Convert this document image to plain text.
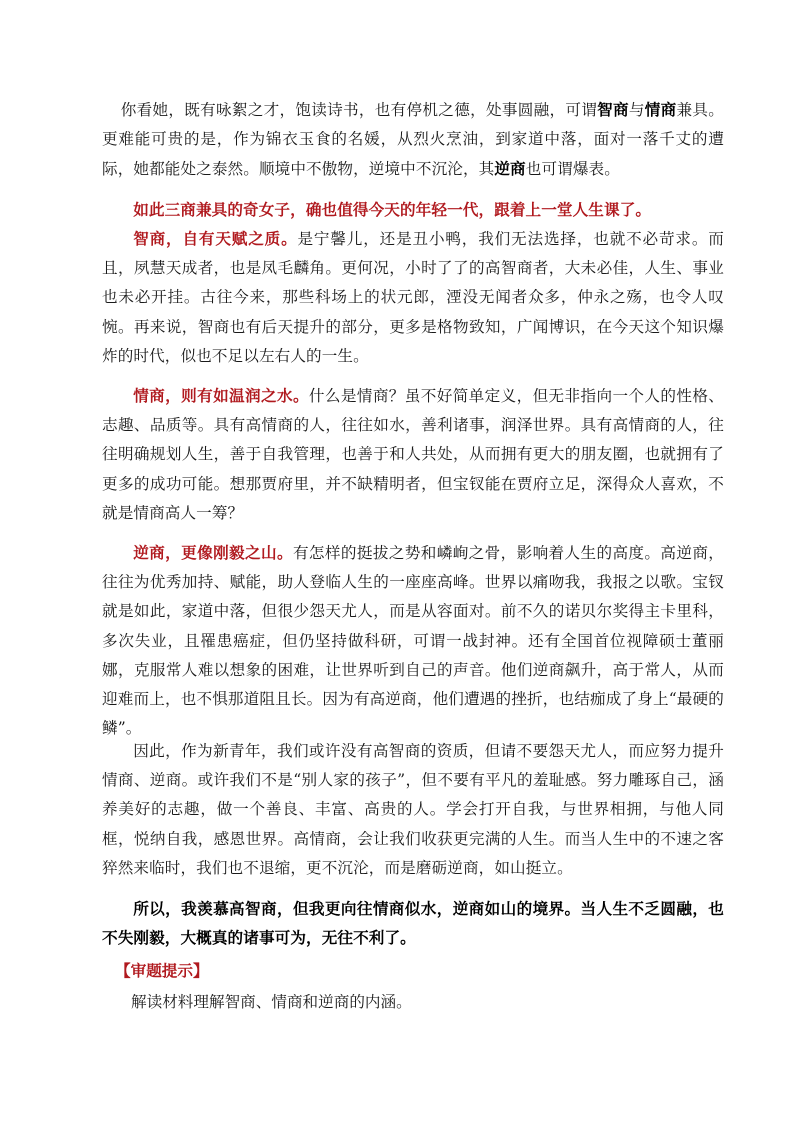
你看她，既有咏絮之才，饱读诗书，也有停机之德，处事圆融，可谓智商与情商兼具。更难能可贵的是，作为锦衣玉食的名媛，从烈火烹油，到家道中落，面对一落千丈的遭际，她都能处之泰然。顺境中不傲物，逆境中不沉沦，其逆商也可谓爆表。

如此三商兼具的奇女子，确也值得今天的年轻一代，跟着上一堂人生课了。

智商，自有天赋之质。是宁馨儿，还是丑小鸭，我们无法选择，也就不必苛求。而且，夙慧天成者，也是凤毛麟角。更何况，小时了了的高智商者，大未必佳，人生、事业也未必开挂。古往今来，那些科场上的状元郎，湮没无闻者众多，仲永之殇，也令人叹惋。再来说，智商也有后天提升的部分，更多是格物致知，广闻博识，在今天这个知识爆炸的时代，似也不足以左右人的一生。

情商，则有如温润之水。什么是情商？虽不好简单定义，但无非指向一个人的性格、志趣、品质等。具有高情商的人，往往如水，善利诸事，润泽世界。具有高情商的人，往往明确规划人生，善于自我管理，也善于和人共处，从而拥有更大的朋友圈，也就拥有了更多的成功可能。想那贾府里，并不缺精明者，但宝钗能在贾府立足，深得众人喜欢，不就是情商高人一筹？

逆商，更像刚毅之山。有怎样的挺拔之势和嶙峋之骨，影响着人生的高度。高逆商，往往为优秀加持、赋能，助人登临人生的一座座高峰。世界以痛吻我，我报之以歌。宝钗就是如此，家道中落，但很少怨天尤人，而是从容面对。前不久的诺贝尔奖得主卡里科，多次失业，且罹患癌症，但仍坚持做科研，可谓一战封神。还有全国首位视障硕士董丽娜，克服常人难以想象的困难，让世界听到自己的声音。他们逆商飙升，高于常人，从而迎难而上，也不惧那道阻且长。因为有高逆商，他们遭遇的挫折，也结痂成了身上“最硬的鳞”。

因此，作为新青年，我们或许没有高智商的资质，但请不要怨天尤人，而应努力提升情商、逆商。或许我们不是“别人家的孩子”，但不要有平凡的羞耻感。努力雕琢自己，涵养美好的志趣，做一个善良、丰富、高贵的人。学会打开自我，与世界相拥，与他人同框，悦纳自我，感恩世界。高情商，会让我们收获更完满的人生。而当人生中的不速之客猝然来临时，我们也不退缩，更不沉沦，而是磨砺逆商，如山挺立。

所以，我羡慕高智商，但我更向往情商似水，逆商如山的境界。当人生不乏圆融，也不失刚毅，大概真的诸事可为，无往不利了。

【审题提示】

解读材料理解智商、情商和逆商的内涵。
